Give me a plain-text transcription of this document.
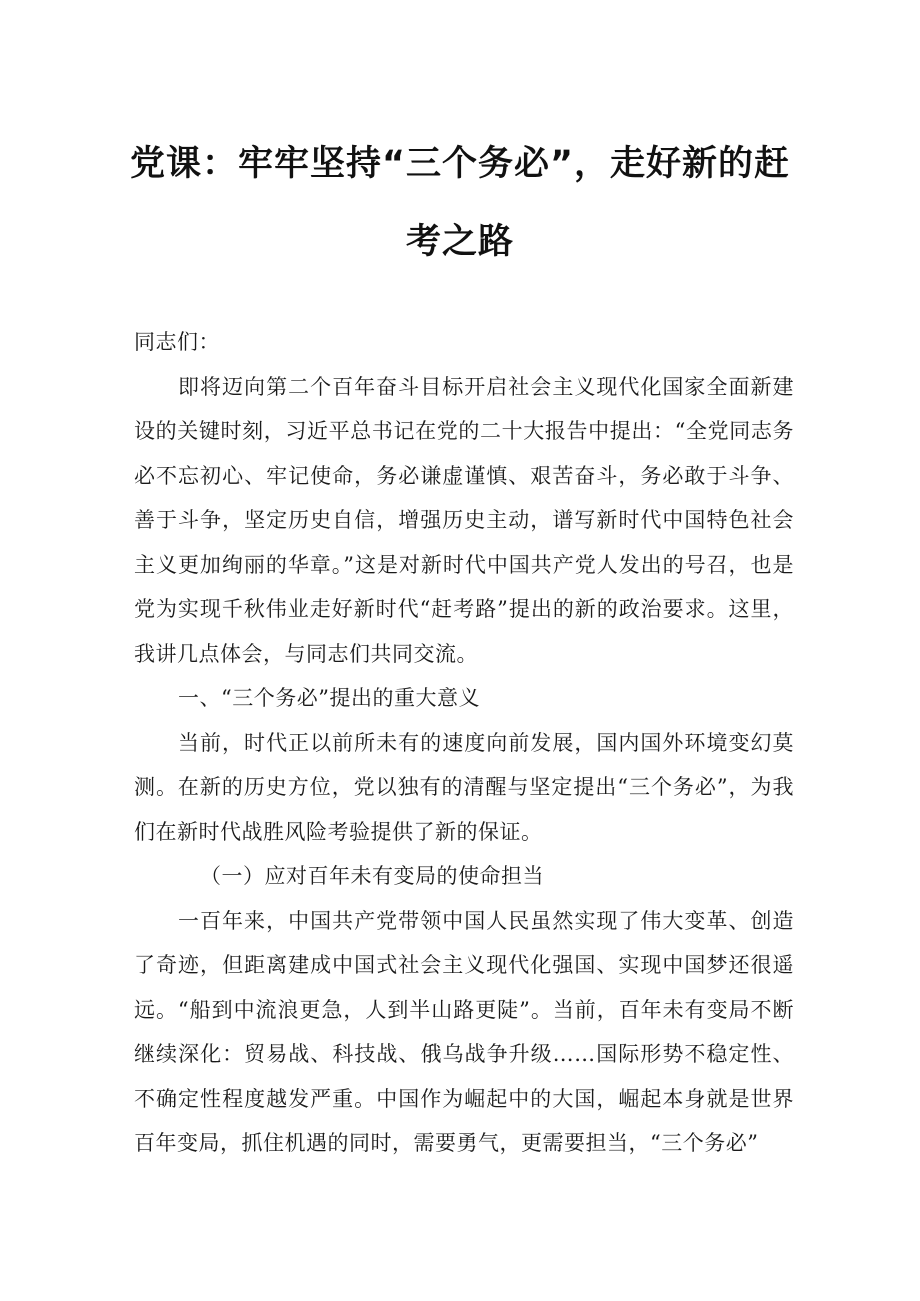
党课：牢牢坚持“三个务必”，走好新的赶
考之路

同志们：

即将迈向第二个百年奋斗目标开启社会主义现代化国家全面新建设的关键时刻，习近平总书记在党的二十大报告中提出：“全党同志务必不忘初心、牢记使命，务必谦虚谨慎、艰苦奋斗，务必敢于斗争、善于斗争，坚定历史自信，增强历史主动，谱写新时代中国特色社会主义更加绚丽的华章。”这是对新时代中国共产党人发出的号召，也是党为实现千秋伟业走好新时代“赶考路”提出的新的政治要求。这里，我讲几点体会，与同志们共同交流。

一、“三个务必”提出的重大意义

当前，时代正以前所未有的速度向前发展，国内国外环境变幻莫测。在新的历史方位，党以独有的清醒与坚定提出“三个务必”，为我们在新时代战胜风险考验提供了新的保证。

（一）应对百年未有变局的使命担当

一百年来，中国共产党带领中国人民虽然实现了伟大变革、创造了奇迹，但距离建成中国式社会主义现代化强国、实现中国梦还很遥远。“船到中流浪更急，人到半山路更陡”。当前，百年未有变局不断继续深化：贸易战、科技战、俄乌战争升级……国际形势不稳定性、不确定性程度越发严重。中国作为崛起中的大国，崛起本身就是世界百年变局，抓住机遇的同时，需要勇气，更需要担当，“三个务必”
